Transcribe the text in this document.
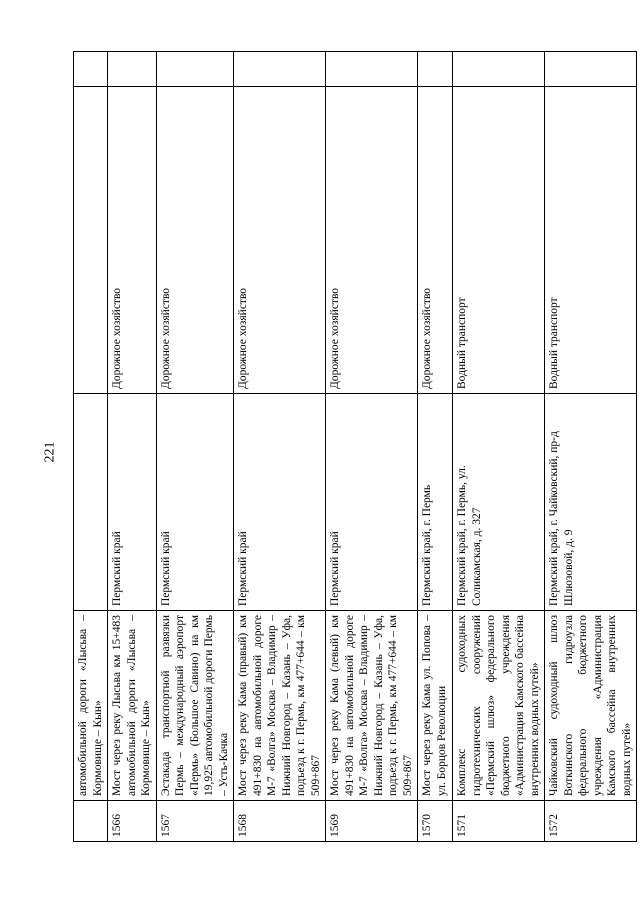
221
	автомобильной дороги «Лысьва – Кормовище – Кын»			
1566	Мост через реку Лысьва км 15+483 автомобильной дороги «Лысьва – Кормовище – Кын»	Пермский край	Дорожное хозяйство	
1567	Эстакада транспортной развязки Пермь – международный аэропорт «Пермь» (Большое Савино) на км 19,925 автомобильной дороги Пермь – Усть-Качка	Пермский край	Дорожное хозяйство	
1568	Мост через реку Кама (правый) км 491+830 на автомобильной дороге М-7 «Волга» Москва – Владимир – Нижний Новгород – Казань – Уфа, подъезд к г. Пермь, км 477+644 – км 509+867	Пермский край	Дорожное хозяйство	
1569	Мост через реку Кама (левый) км 491+830 на автомобильной дороге М-7 «Волга» Москва – Владимир – Нижний Новгород – Казань – Уфа, подъезд к г. Пермь, км 477+644 – км 509+867	Пермский край	Дорожное хозяйство	
1570	Мост через реку Кама ул. Попова – ул. Борцов Революции	Пермский край, г. Пермь	Дорожное хозяйство	
1571	Комплекс судоходных гидротехнических сооружений «Пермский шлюз» федерального бюджетного учреждения «Администрация Камского бассейна внутренних водных путей»	Пермский край, г. Пермь, ул. Соликамская, д. 327	Водный транспорт	
1572	Чайковский судоходный шлюз Воткинского гидроузла федерального бюджетного учреждения «Администрация Камского бассейна внутренних водных путей»	Пермский край, г. Чайковский, пр-д Шлюзовой, д. 9	Водный транспорт	
